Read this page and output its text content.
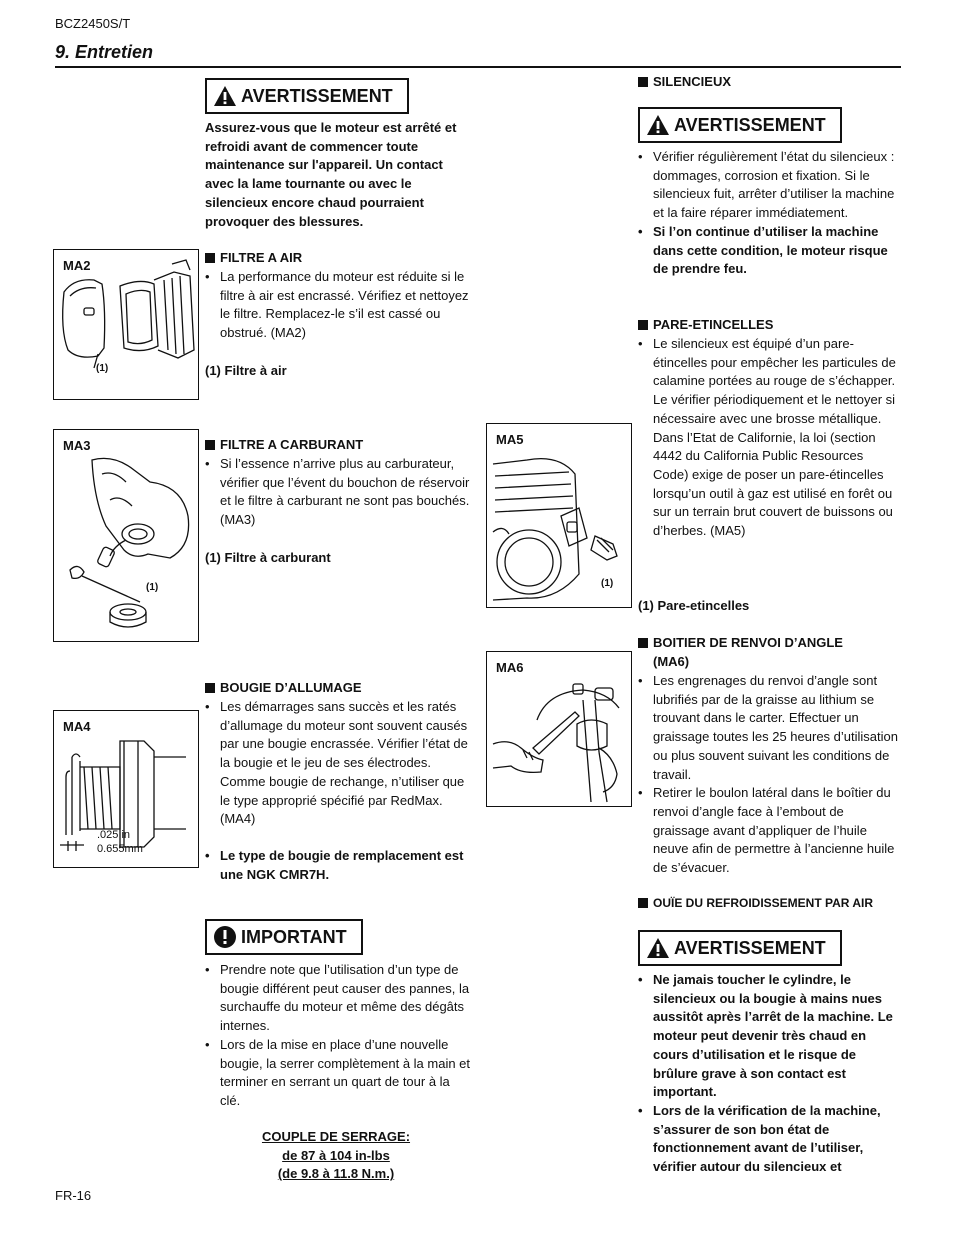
BCZ2450S/T
9. Entretien
AVERTISSEMENT
Assurez-vous que le moteur est arrêté et refroidi avant de commencer toute maintenance sur l'appareil. Un contact avec la lame tournante ou avec le silencieux encore chaud pourraient provoquer des blessures.
MA2
(1)
FILTRE A AIR
• La performance du moteur est réduite si le filtre à air est encrassé. Vérifiez et nettoyez le filtre. Remplacez-le s’il est cassé ou obstrué. (MA2)
(1) Filtre à air
MA3
(1)
FILTRE A CARBURANT
• Si l’essence n’arrive plus au carburateur, vérifier que l’évent du bouchon de réservoir et le filtre à carburant ne sont pas bouchés. (MA3)
(1) Filtre à carburant
BOUGIE D’ALLUMAGE
• Les démarrages sans succès et les ratés d’allumage du moteur sont souvent causés par une bougie encrassée. Vérifier l’état de la bougie et le jeu de ses électrodes. Comme bougie de rechange, n’utiliser que le type approprié spécifié par RedMax. (MA4)
• Le type de bougie de remplacement est une NGK CMR7H.
MA4
.025 in
0.655mm
IMPORTANT
• Prendre note que l’utilisation d’un type de bougie différent peut causer des pannes, la surchauffe du moteur et même des dégâts internes.
• Lors de la mise en place d’une nouvelle bougie, la serrer complètement à la main et terminer en serrant un quart de tour à la clé.
COUPLE DE SERRAGE:
de 87 à 104 in-lbs
(de 9.8 à 11.8 N.m.)
SILENCIEUX
AVERTISSEMENT
• Vérifier régulièrement l’état du silencieux : dommages, corrosion et fixation. Si le silencieux fuit, arrêter d’utiliser la machine et la faire réparer immédiatement.
• Si l’on continue d’utiliser la machine dans cette condition, le moteur risque de prendre feu.
PARE-ETINCELLES
• Le silencieux est équipé d’un pare-étincelles pour empêcher les particules de calamine portées au rouge de s’échapper. Le vérifier périodiquement et le nettoyer si nécessaire avec une brosse métallique.
Dans l’Etat de Californie, la loi (section 4442 du California Public Resources Code) exige de poser un pare-étincelles lorsqu’un outil à gaz est utilisé en forêt ou sur un terrain brut couvert de buissons ou d’herbes. (MA5)
(1) Pare-etincelles
MA5
(1)
BOITIER DE RENVOI D’ANGLE
(MA6)
• Les engrenages du renvoi d’angle sont lubrifiés par de la graisse au lithium se trouvant dans le carter. Effectuer un graissage toutes les 25 heures d’utilisation ou plus souvent suivant les conditions de travail.
• Retirer le boulon latéral dans le boîtier du renvoi d’angle face à l’embout de graissage avant d’appliquer de l’huile neuve afin de permettre à l’ancienne huile de s’évacuer.
MA6
OUÏE DU REFROIDISSEMENT PAR AIR
AVERTISSEMENT
• Ne jamais toucher le cylindre, le silencieux ou la bougie à mains nues aussitôt après l’arrêt de la machine. Le moteur peut devenir très chaud en cours d’utilisation et le risque de brûlure grave à son contact est important.
• Lors de la vérification de la machine, s’assurer de son bon état de fonctionnement avant de l’utiliser, vérifier autour du silencieux et
FR-16
